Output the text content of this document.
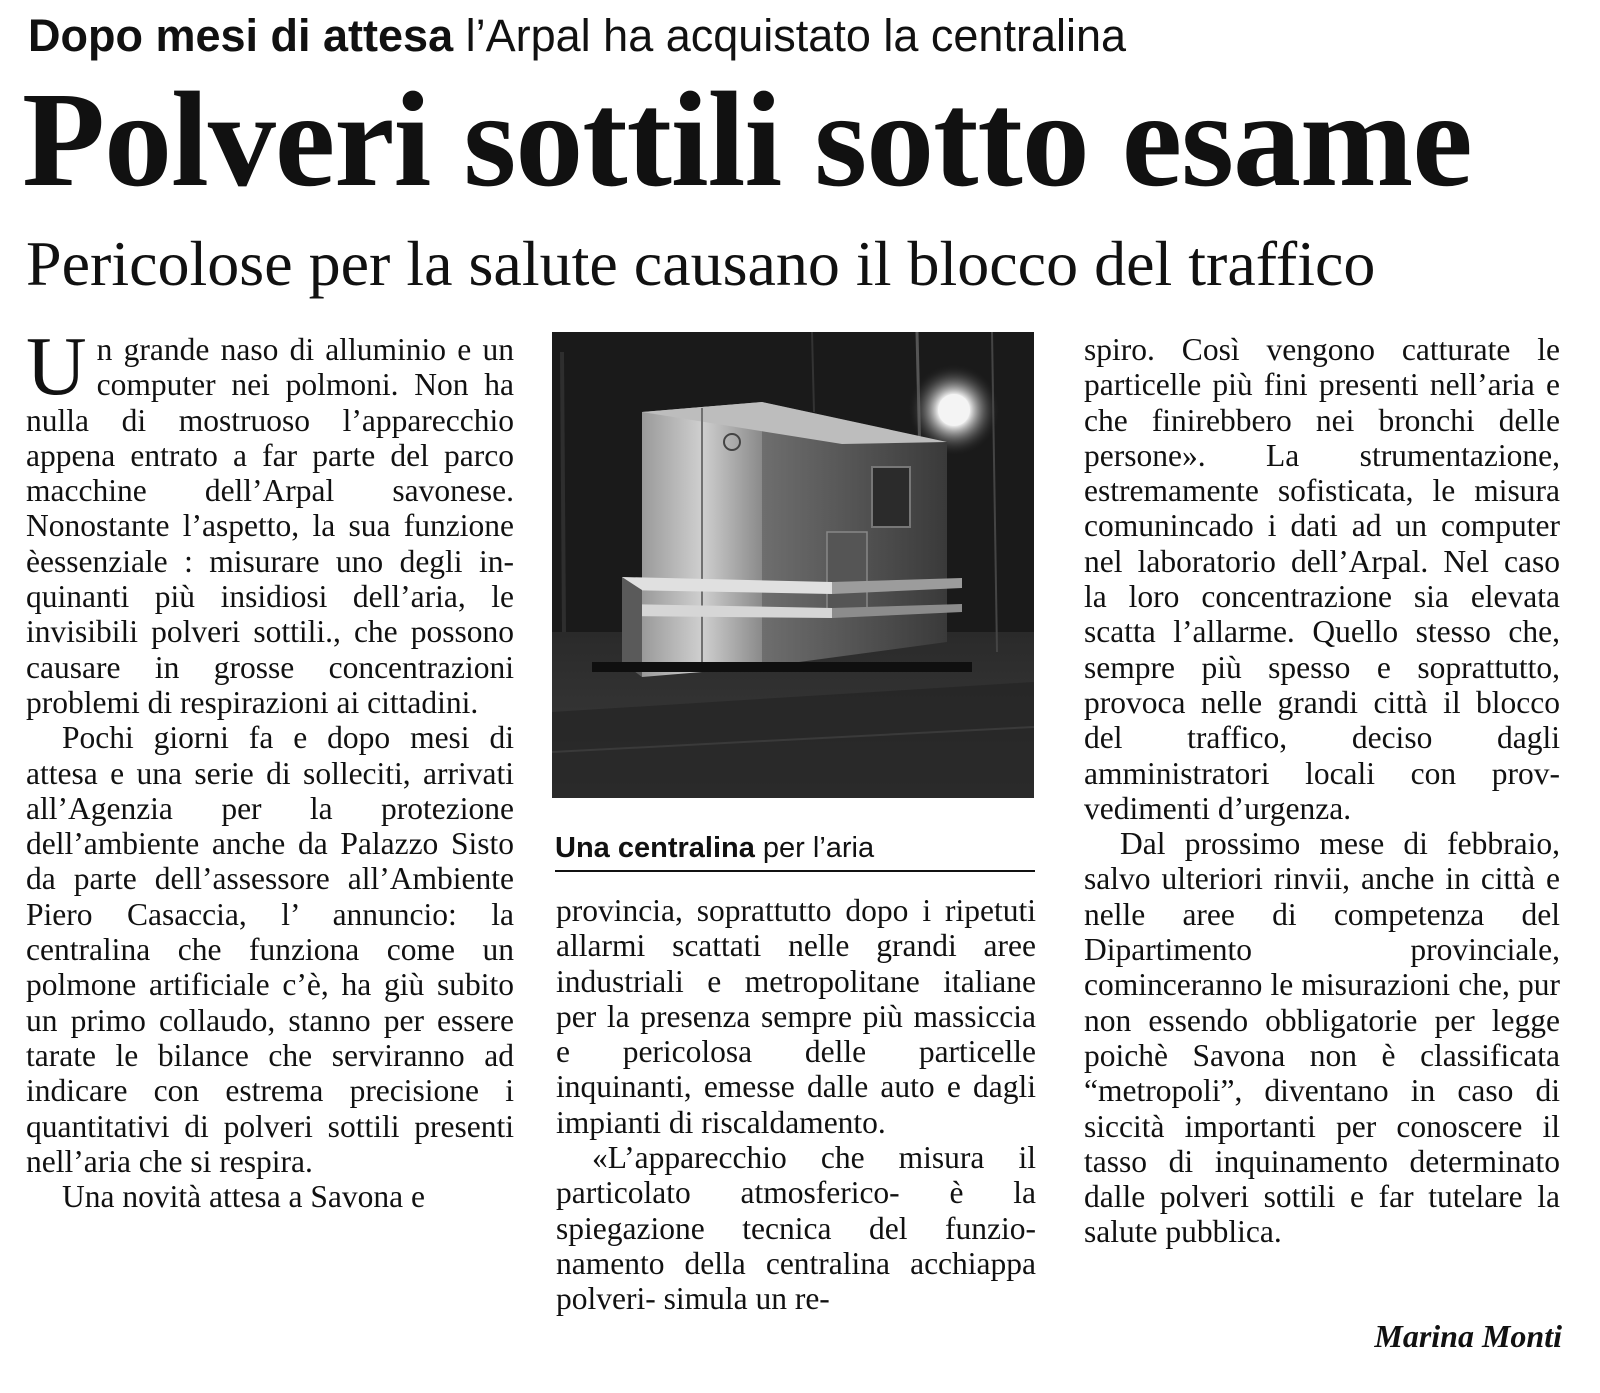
Dopo mesi di attesa l’Arpal ha acquistato la centralina
Polveri sottili sotto esame
Pericolose per la salute causano il blocco del traffico

Un grande naso di alluminio e un computer nei polmoni. Non ha nulla di mostruoso l’apparecchio appena entrato a far parte del parco macchine dell’Arpal savonese. Nonostante l’aspetto, la sua funzione èessenziale : misurare uno degli inquinanti più insidiosi dell’aria, le invisibili polveri sottili., che possono causare in grosse concentrazioni problemi di respirazioni ai cittadini.

Pochi giorni fa e dopo mesi di attesa e una serie di solleciti, arrivati all’Agenzia per la protezione dell’ambiente anche da Palazzo Sisto da parte dell’assessore all’Ambiente Piero Casaccia, l’ annuncio: la centralina che funziona come un polmone artificiale c’è, ha giù subito un primo collaudo, stanno per essere tarate le bilance che serviranno ad indicare con estrema precisione i quantitativi di polveri sottili presenti nell’aria che si respira.

Una novità attesa a Savona e

Una centralina per l’aria

provincia, soprattutto dopo i ripetuti allarmi scattati nelle grandi aree industriali e metropolitane italiane per la presenza sempre più massiccia e pericolosa delle particelle inquinanti, emesse dalle auto e dagli impianti di riscaldamento.

«L’apparecchio che misura il particolato atmosferico- è la spiegazione tecnica del funzionamento della centralina acchiappa polveri- simula un re-

spiro. Così vengono catturate le particelle più fini presenti nell’aria e che finirebbero nei bronchi delle persone». La strumentazione, estremamente sofisticata, le misura comunincado i dati ad un computer nel laboratorio dell’Arpal. Nel caso la loro concentrazione sia elevata scatta l’allarme. Quello stesso che, sempre più spesso e soprattutto, provoca nelle grandi città il blocco del traffico, deciso dagli amministratori locali con provvedimenti d’urgenza.

Dal prossimo mese di febbraio, salvo ulteriori rinvii, anche in città e nelle aree di competenza del Dipartimento provinciale, cominceranno le misurazioni che, pur non essendo obbligatorie per legge poichè Savona non è classificata “metropoli”, diventano in caso di siccità importanti per conoscere il tasso di inquinamento determinato dalle polveri sottili e far tutelare la salute pubblica.

Marina Monti
